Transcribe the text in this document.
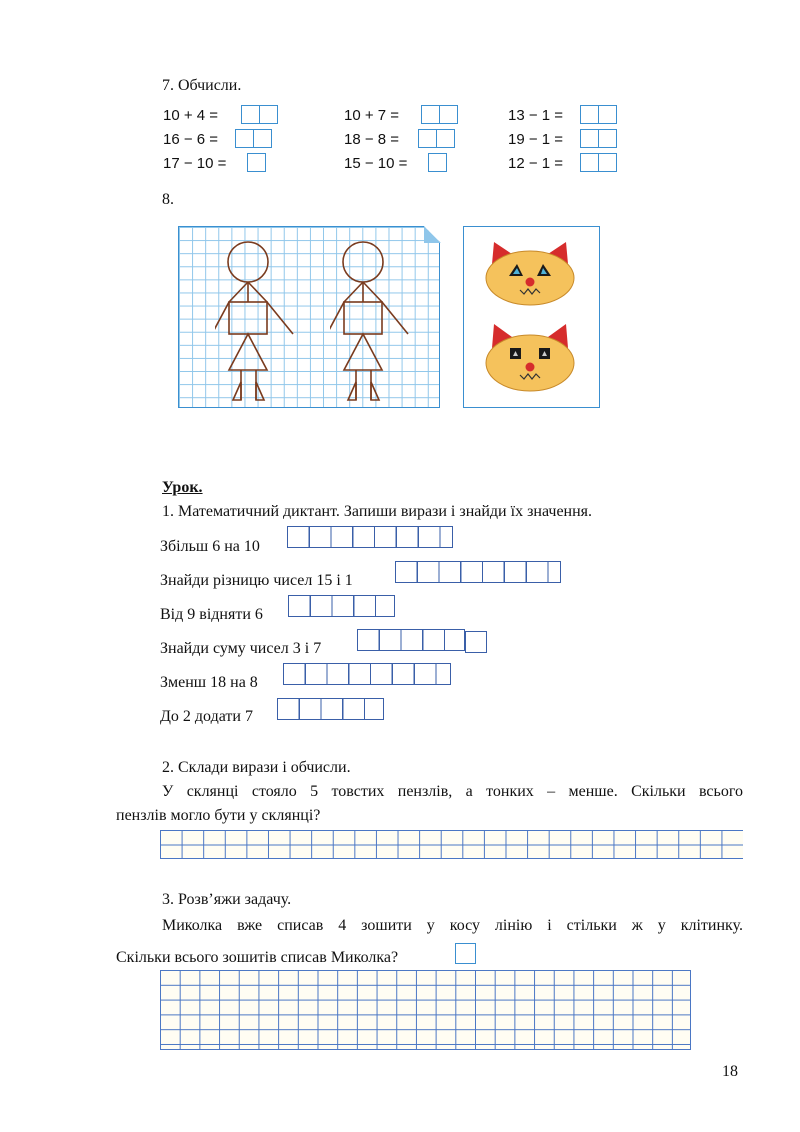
7. Обчисли.
10 + 4 =
16 − 6 =
17 − 10 =
10 + 7 =
18 − 8 =
15 − 10 =
13 − 1 =
19 − 1 =
12 − 1 =
8.
Урок.
1. Математичний диктант. Запиши вирази і знайди їх значення.
Збільш 6 на 10
Знайди різницю чисел 15 і 1
Від 9 відняти 6
Знайди суму чисел 3 і 7
Зменш 18 на 8
До 2 додати 7
2. Склади вирази і обчисли.
У склянці стояло 5 товстих пензлів, а тонких – менше. Скільки всього
пензлів могло бути у склянці?
3. Розв’яжи задачу.
Миколка вже списав 4 зошити у косу лінію і стільки ж у клітинку.
Скільки всього зошитів списав Миколка?
18
